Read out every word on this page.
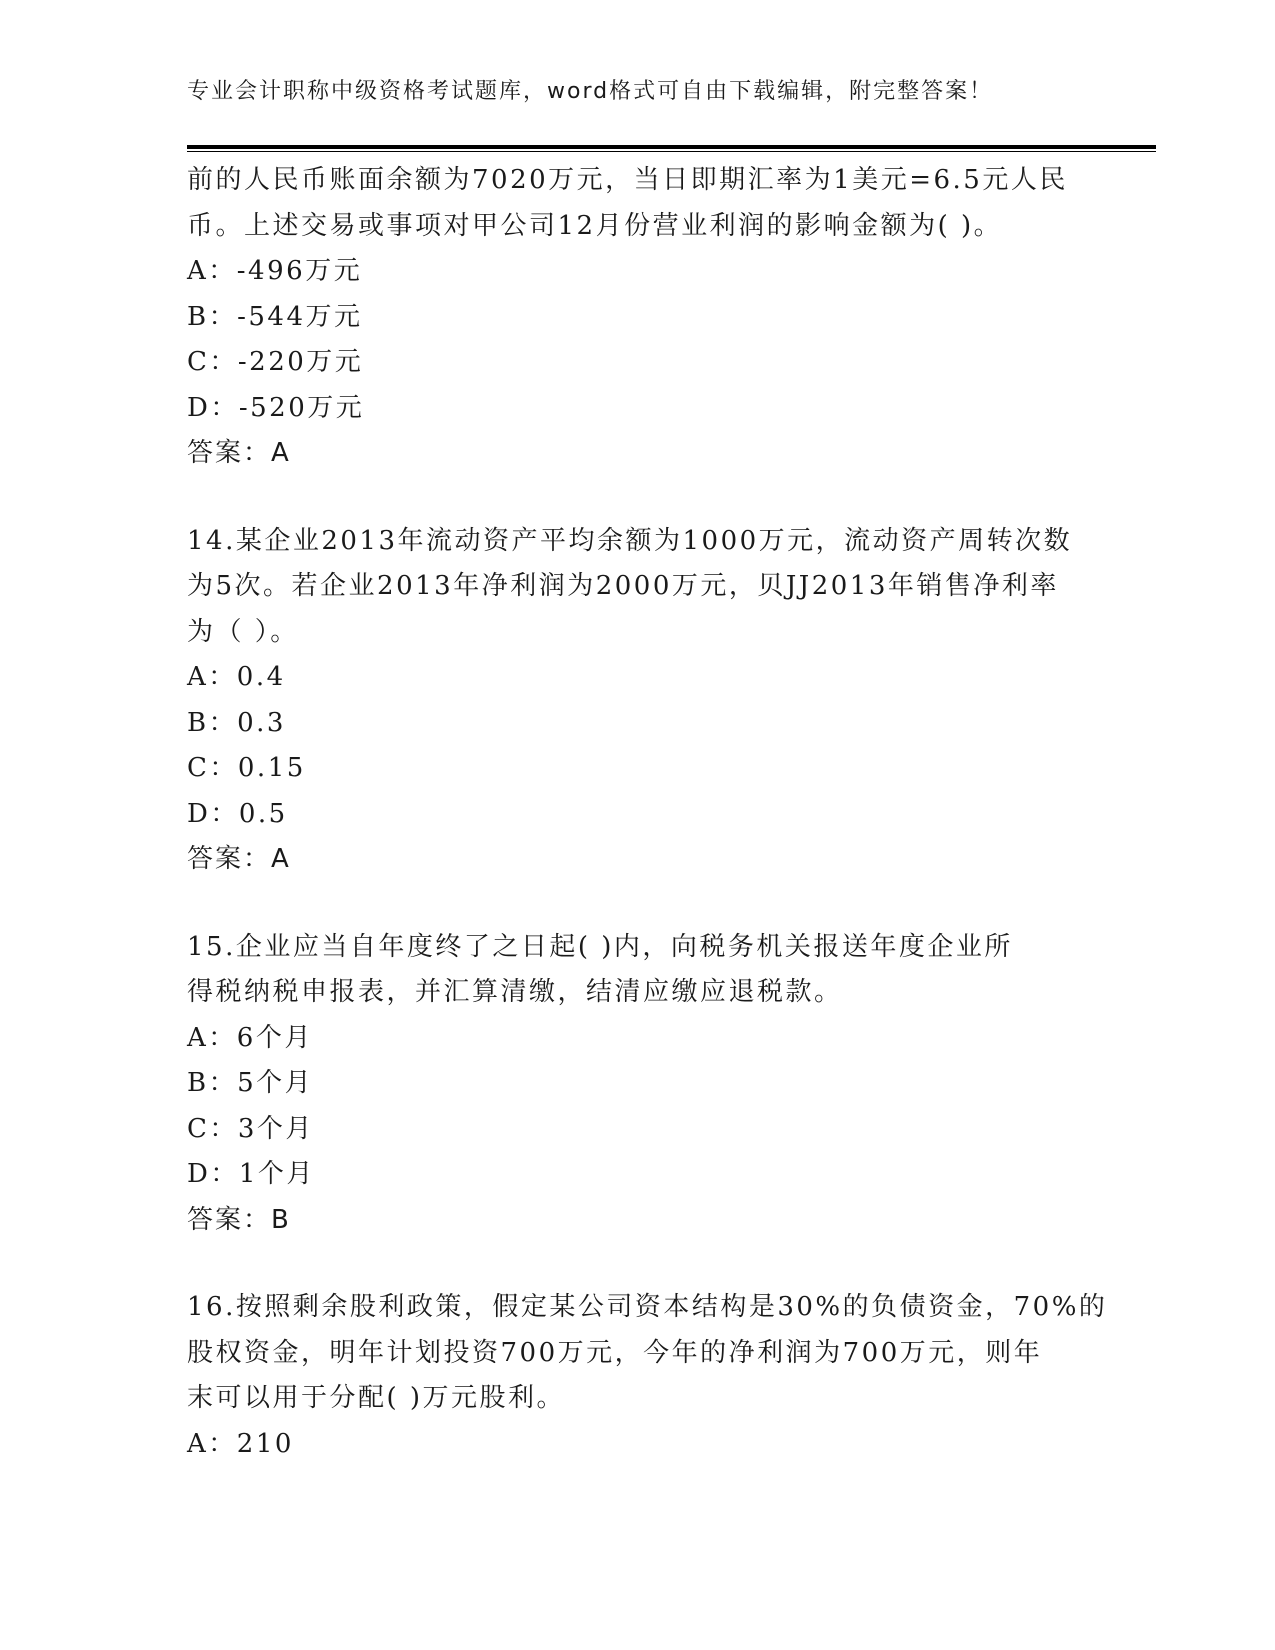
专业会计职称中级资格考试题库，word格式可自由下载编辑，附完整答案！
前的人民币账面余额为7020万元，当日即期汇率为1美元=6.5元人民
币。上述交易或事项对甲公司12月份营业利润的影响金额为( )。
A：-496万元
B：-544万元
C：-220万元
D：-520万元
答案：A
14.某企业2013年流动资产平均余额为1000万元，流动资产周转次数
为5次。若企业2013年净利润为2000万元，贝JJ2013年销售净利率
为（ ）。
A：0.4
B：0.3
C：0.15
D：0.5
答案：A
15.企业应当自年度终了之日起( )内，向税务机关报送年度企业所
得税纳税申报表，并汇算清缴，结清应缴应退税款。
A：6个月
B：5个月
C：3个月
D：1个月
答案：B
16.按照剩余股利政策，假定某公司资本结构是30%的负债资金，70%的
股权资金，明年计划投资700万元，今年的净利润为700万元，则年
末可以用于分配( )万元股利。
A：210
